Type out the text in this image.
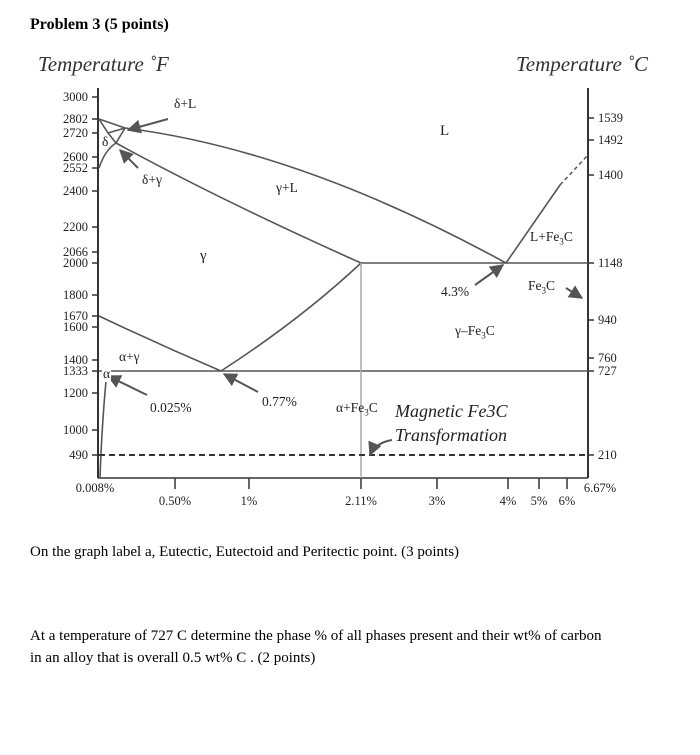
Problem 3 (5 points)
Temperature ˚F	Temperature ˚C
3000
2802
2720
2600
2552
2400
2200
2066
2000
1800
1670
1600
1400
1333
1200
1000
490
1539
1492
1400
1148
940
760
727
210
0.008%
0.50%	1%	2.11%	3%	4% 5% 6%
6.67%
δ+L
L
δ
δ+γ
γ+L
γ
$L+Fe_3C$
$Fe_3C$
4.3%
$\gamma-Fe_3C$
α+γ
α
0.025%	0.77%	$\alpha+Fe_3C$ Magnetic Fe3C
Transformation
On the graph label a, Eutectic, Eutectoid and Peritectic point. (3 points)
At a temperature of 727 C determine the phase % of all phases present and their wt% of carbon
in an alloy that is overall 0.5 wt% C . (2 points)
